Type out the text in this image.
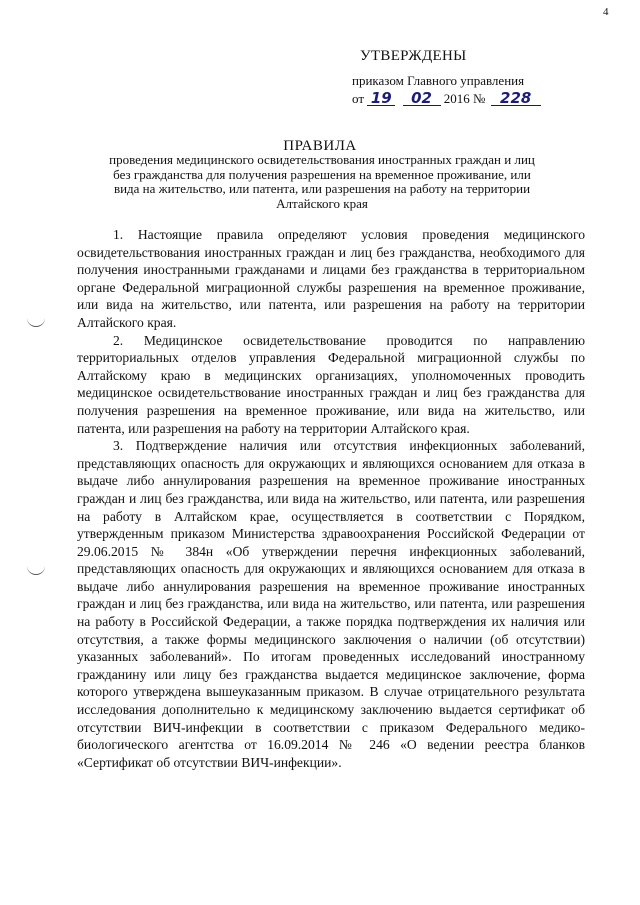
4
УТВЕРЖДЕНЫ
приказом Главного управления
от 19 02 2016 № 228
ПРАВИЛА
проведения медицинского освидетельствования иностранных граждан и лиц
без гражданства для получения разрешения на временное проживание, или
вида на жительство, или патента, или разрешения на работу на территории
Алтайского края

1. Настоящие правила определяют условия проведения медицинского освидетельствования иностранных граждан и лиц без гражданства, необходимого для получения иностранными гражданами и лицами без гражданства в территориальном органе Федеральной миграционной службы разрешения на временное проживание, или вида на жительство, или патента, или разрешения на работу на территории Алтайского края.

2. Медицинское освидетельствование проводится по направлению территориальных отделов управления Федеральной миграционной службы по Алтайскому краю в медицинских организациях, уполномоченных проводить медицинское освидетельствование иностранных граждан и лиц без гражданства для получения разрешения на временное проживание, или вида на жительство, или патента, или разрешения на работу на территории Алтайского края.

3. Подтверждение наличия или отсутствия инфекционных заболеваний, представляющих опасность для окружающих и являющихся основанием для отказа в выдаче либо аннулирования разрешения на временное проживание иностранных граждан и лиц без гражданства, или вида на жительство, или патента, или разрешения на работу в Алтайском крае, осуществляется в соответствии с Порядком, утвержденным приказом Министерства здравоохранения Российской Федерации от 29.06.2015 № 384н «Об утверждении перечня инфекционных заболеваний, представляющих опасность для окружающих и являющихся основанием для отказа в выдаче либо аннулирования разрешения на временное проживание иностранных граждан и лиц без гражданства, или вида на жительство, или патента, или разрешения на работу в Российской Федерации, а также порядка подтверждения их наличия или отсутствия, а также формы медицинского заключения о наличии (об отсутствии) указанных заболеваний». По итогам проведенных исследований иностранному гражданину или лицу без гражданства выдается медицинское заключение, форма которого утверждена вышеуказанным приказом. В случае отрицательного результата исследования дополнительно к медицинскому заключению выдается сертификат об отсутствии ВИЧ-инфекции в соответствии с приказом Федерального медико-биологического агентства от 16.09.2014 № 246 «О ведении реестра бланков «Сертификат об отсутствии ВИЧ-инфекции».
